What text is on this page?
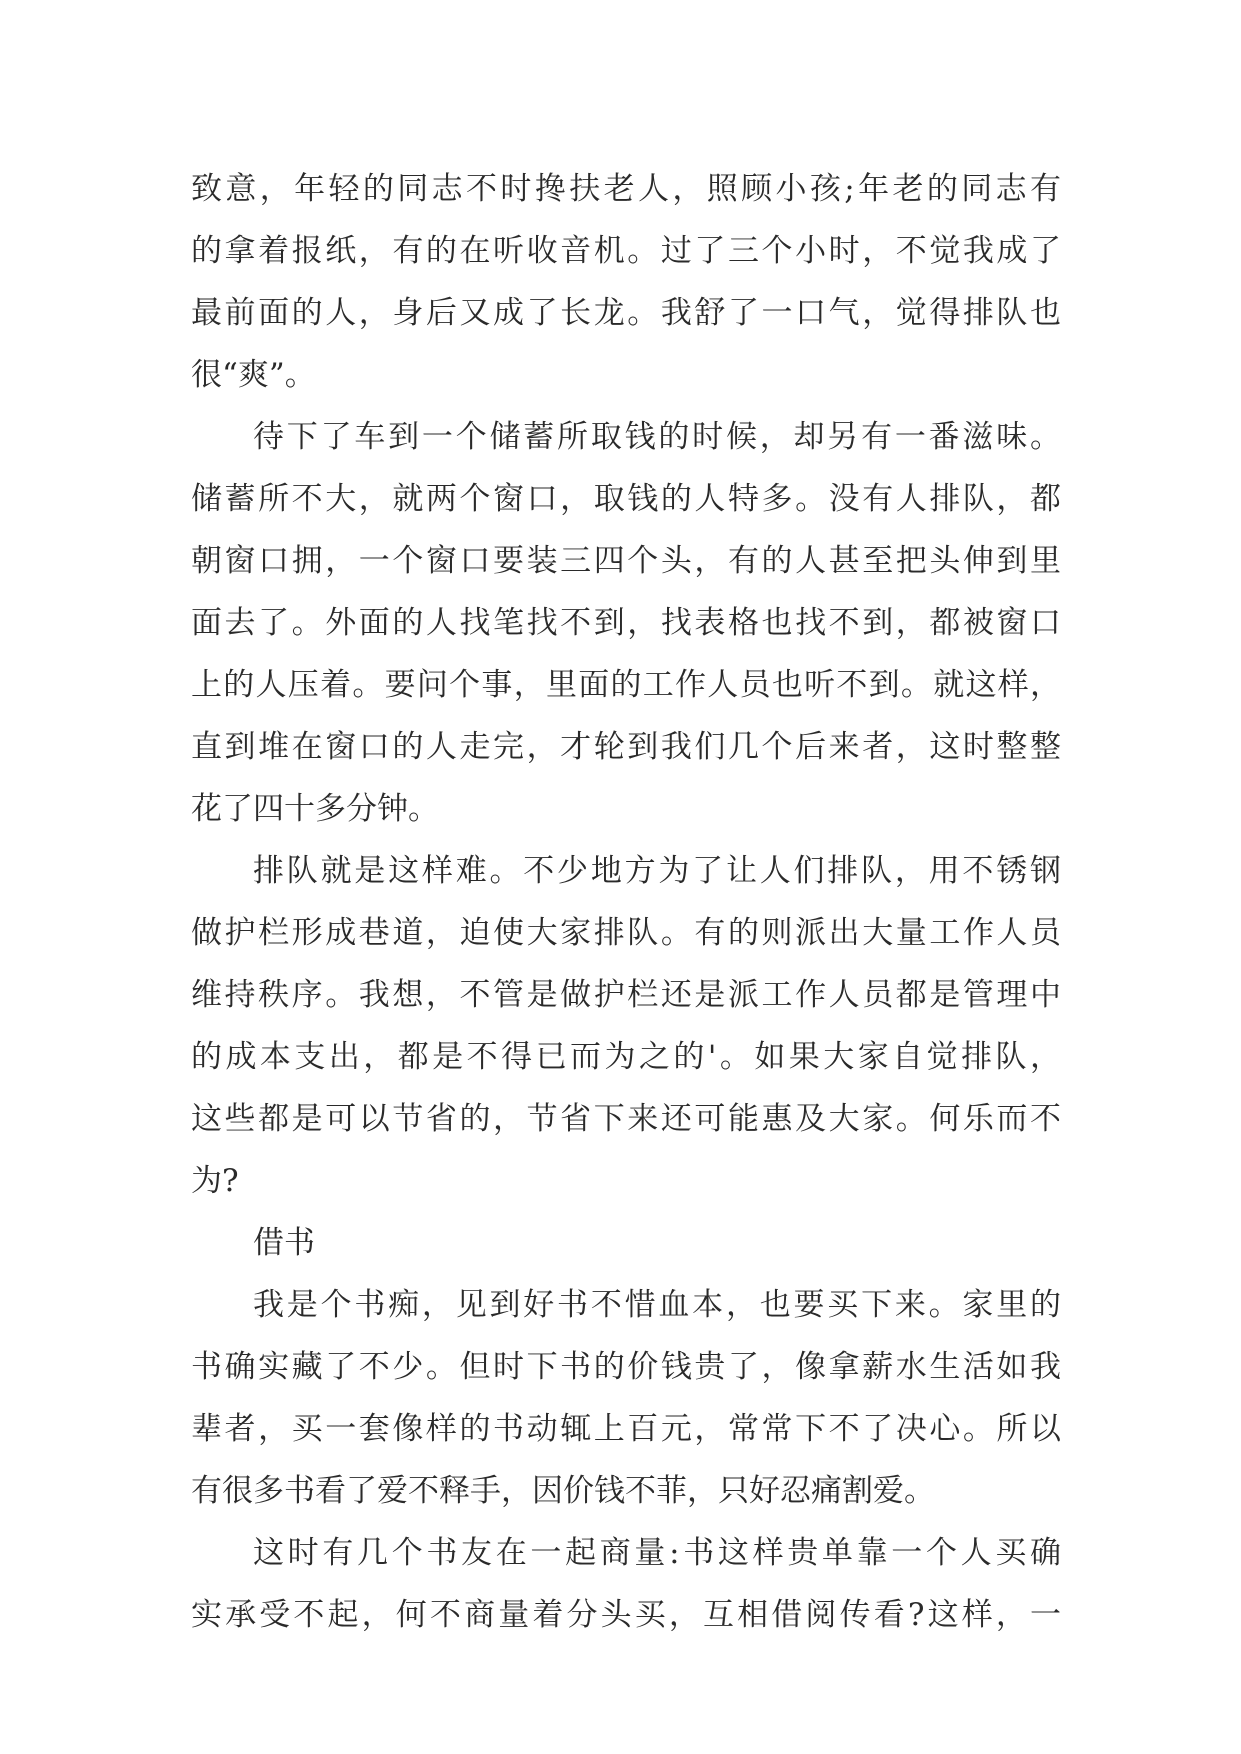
致意，年轻的同志不时搀扶老人，照顾小孩;年老的同志有
的拿着报纸，有的在听收音机。过了三个小时，不觉我成了
最前面的人，身后又成了长龙。我舒了一口气，觉得排队也
很“爽”。
待下了车到一个储蓄所取钱的时候，却另有一番滋味。
储蓄所不大，就两个窗口，取钱的人特多。没有人排队，都
朝窗口拥，一个窗口要装三四个头，有的人甚至把头伸到里
面去了。外面的人找笔找不到，找表格也找不到，都被窗口
上的人压着。要问个事，里面的工作人员也听不到。就这样，
直到堆在窗口的人走完，才轮到我们几个后来者，这时整整
花了四十多分钟。
排队就是这样难。不少地方为了让人们排队，用不锈钢
做护栏形成巷道，迫使大家排队。有的则派出大量工作人员
维持秩序。我想，不管是做护栏还是派工作人员都是管理中
的成本支出，都是不得已而为之的'。如果大家自觉排队，
这些都是可以节省的，节省下来还可能惠及大家。何乐而不
为?
借书
我是个书痴，见到好书不惜血本，也要买下来。家里的
书确实藏了不少。但时下书的价钱贵了，像拿薪水生活如我
辈者，买一套像样的书动辄上百元，常常下不了决心。所以
有很多书看了爱不释手，因价钱不菲，只好忍痛割爱。
这时有几个书友在一起商量:书这样贵单靠一个人买确
实承受不起，何不商量着分头买，互相借阅传看?这样，一
